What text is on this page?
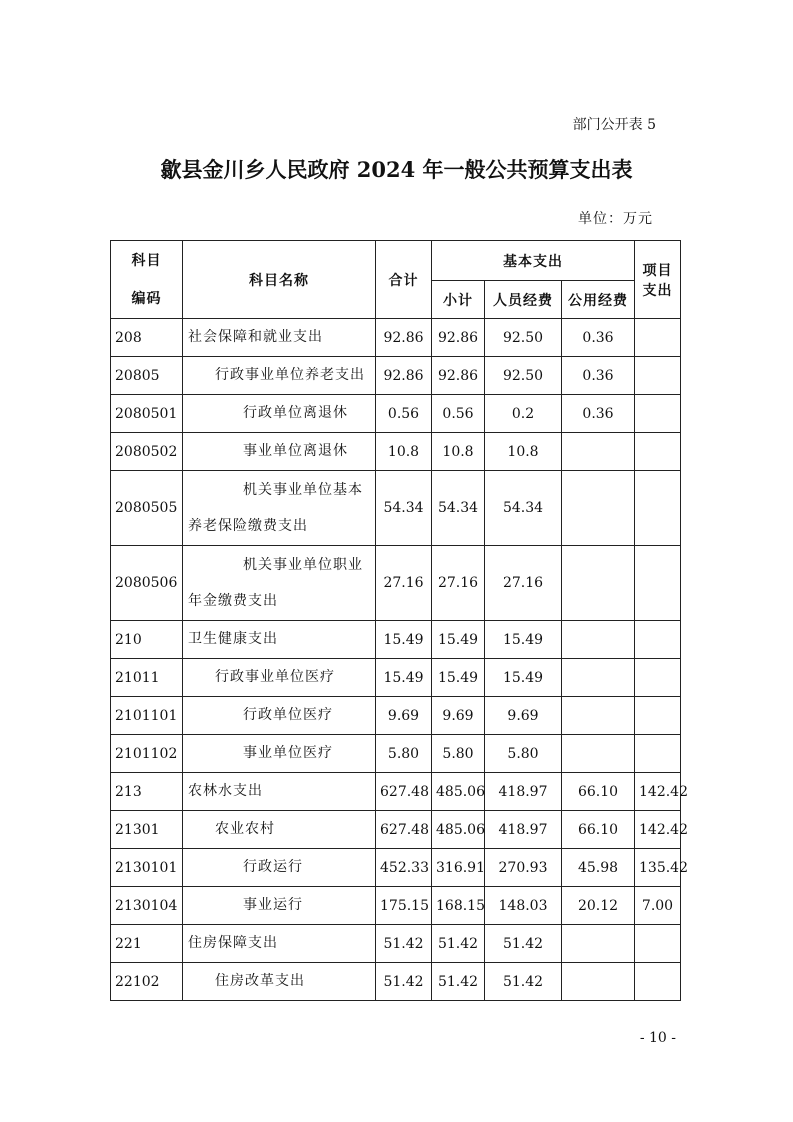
部门公开表 5
歙县金川乡人民政府 2024 年一般公共预算支出表
单位：万元
科目
编码	科目名称	合计	基本支出			项目支出
			小计	人员经费	公用经费	
208	社会保障和就业支出	92.86	92.86	92.50	0.36	
20805	行政事业单位养老支出	92.86	92.86	92.50	0.36	
2080501	行政单位离退休	0.56	0.56	0.2	0.36	
2080502	事业单位离退休	10.8	10.8	10.8		
2080505	机关事业单位基本
养老保险缴费支出	54.34	54.34	54.34		
2080506	机关事业单位职业
年金缴费支出	27.16	27.16	27.16		
210	卫生健康支出	15.49	15.49	15.49		
21011	行政事业单位医疗	15.49	15.49	15.49		
2101101	行政单位医疗	9.69	9.69	9.69		
2101102	事业单位医疗	5.80	5.80	5.80		
213	农林水支出	627.48	485.06	418.97	66.10	142.42
21301	农业农村	627.48	485.06	418.97	66.10	142.42
2130101	行政运行	452.33	316.91	270.93	45.98	135.42
2130104	事业运行	175.15	168.15	148.03	20.12	7.00
221	住房保障支出	51.42	51.42	51.42		
22102	住房改革支出	51.42	51.42	51.42		
- 10 -
